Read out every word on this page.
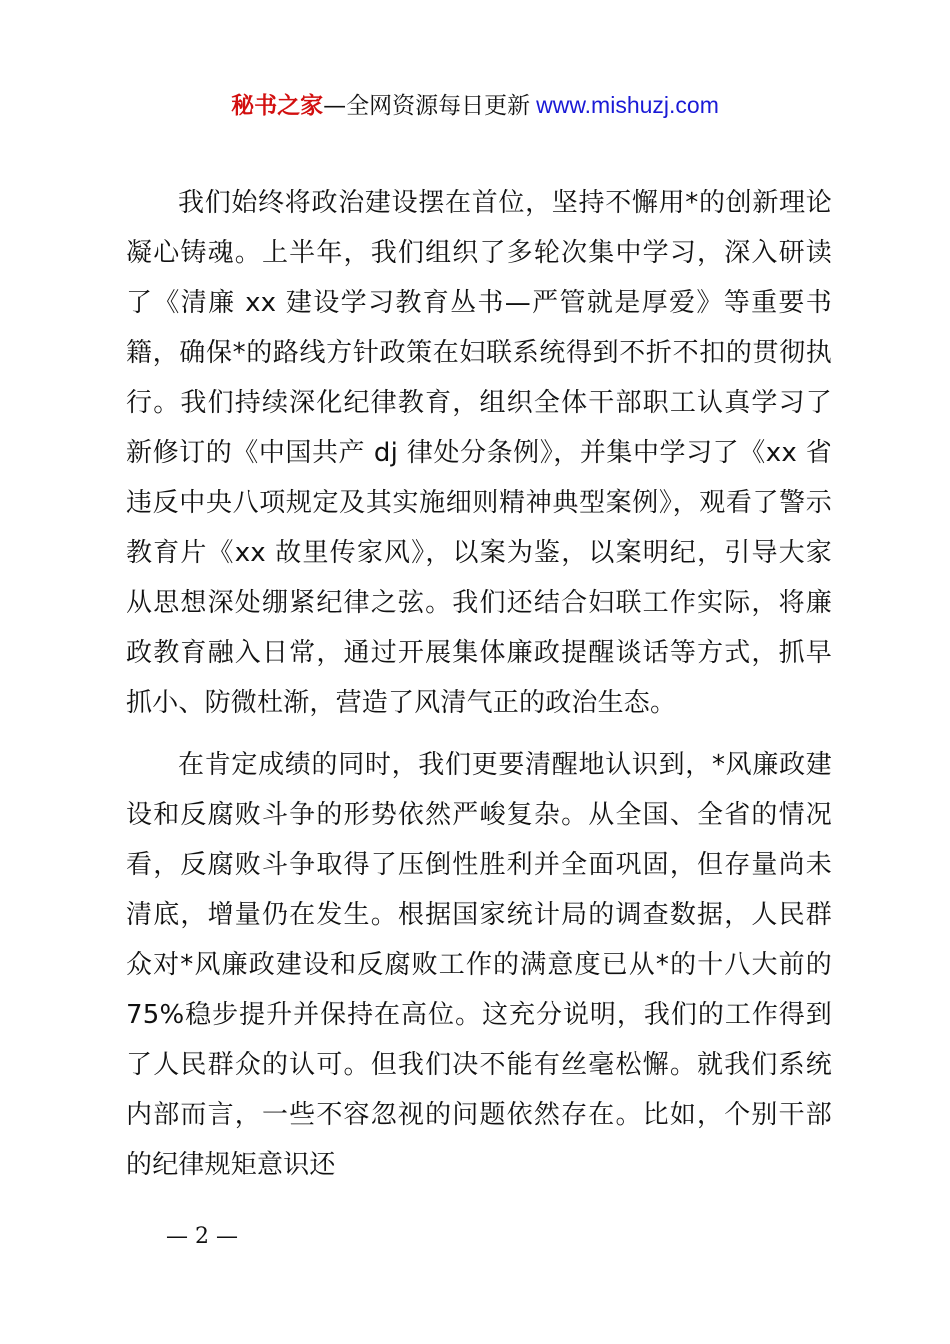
秘书之家—全网资源每日更新 www.mishuzj.com

我们始终将政治建设摆在首位，坚持不懈用*的创新理论凝心铸魂。上半年，我们组织了多轮次集中学习，深入研读了《清廉 xx 建设学习教育丛书—严管就是厚爱》等重要书籍，确保*的路线方针政策在妇联系统得到不折不扣的贯彻执行。我们持续深化纪律教育，组织全体干部职工认真学习了新修订的《中国共产 dj 律处分条例》，并集中学习了《xx 省违反中央八项规定及其实施细则精神典型案例》，观看了警示教育片《xx 故里传家风》，以案为鉴，以案明纪，引导大家从思想深处绷紧纪律之弦。我们还结合妇联工作实际，将廉政教育融入日常，通过开展集体廉政提醒谈话等方式，抓早抓小、防微杜渐，营造了风清气正的政治生态。

在肯定成绩的同时，我们更要清醒地认识到，*风廉政建设和反腐败斗争的形势依然严峻复杂。从全国、全省的情况看，反腐败斗争取得了压倒性胜利并全面巩固，但存量尚未清底，增量仍在发生。根据国家统计局的调查数据，人民群众对*风廉政建设和反腐败工作的满意度已从*的十八大前的 75%稳步提升并保持在高位。这充分说明，我们的工作得到了人民群众的认可。但我们决不能有丝毫松懈。就我们系统内部而言，一些不容忽视的问题依然存在。比如，个别干部的纪律规矩意识还

— 2 —
